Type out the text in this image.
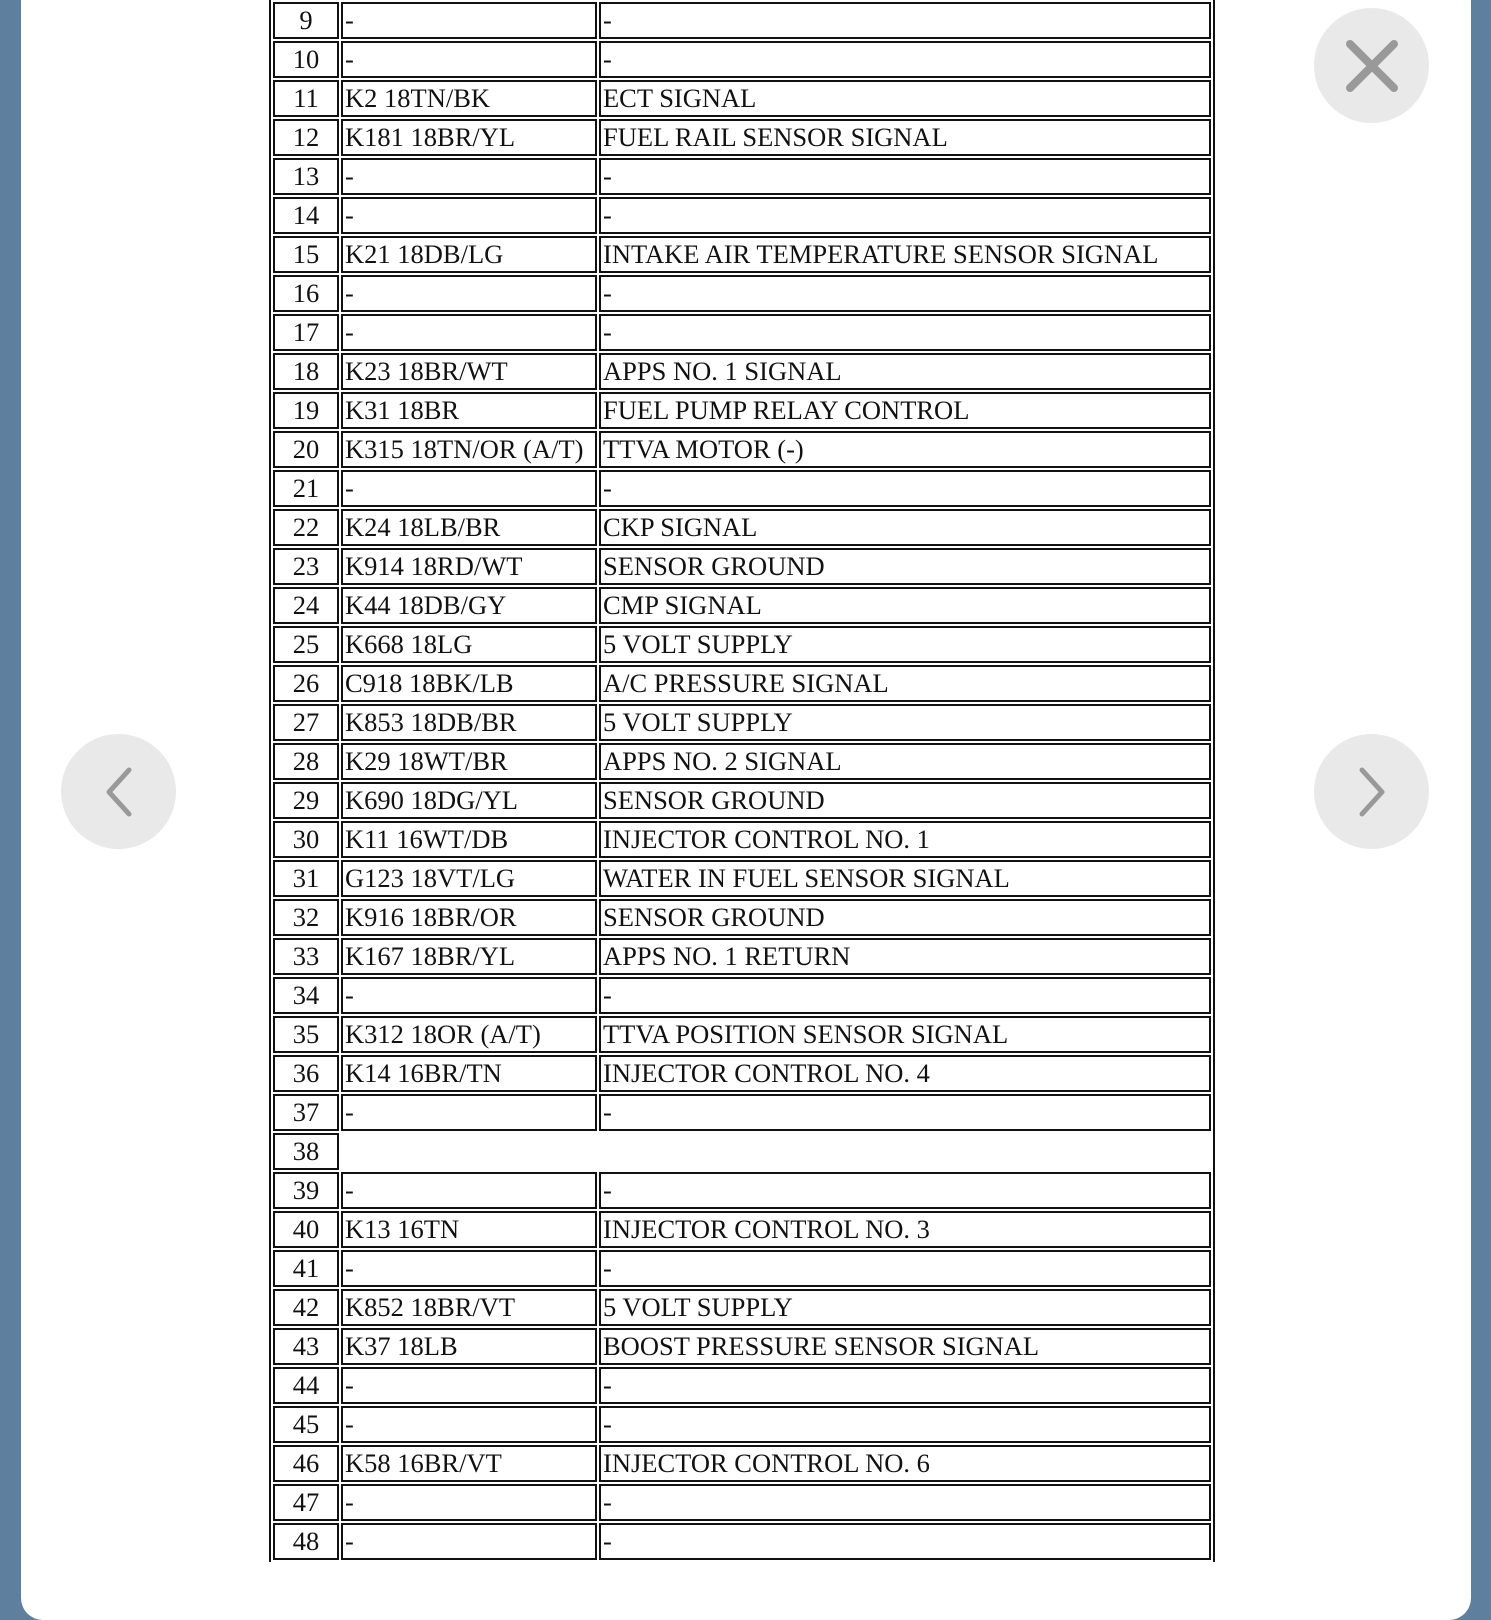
9	-	-
10	-	-
11	K2 18TN/BK	ECT SIGNAL
12	K181 18BR/YL	FUEL RAIL SENSOR SIGNAL
13	-	-
14	-	-
15	K21 18DB/LG	INTAKE AIR TEMPERATURE SENSOR SIGNAL
16	-	-
17	-	-
18	K23 18BR/WT	APPS NO. 1 SIGNAL
19	K31 18BR	FUEL PUMP RELAY CONTROL
20	K315 18TN/OR (A/T)	TTVA MOTOR (-)
21	-	-
22	K24 18LB/BR	CKP SIGNAL
23	K914 18RD/WT	SENSOR GROUND
24	K44 18DB/GY	CMP SIGNAL
25	K668 18LG	5 VOLT SUPPLY
26	C918 18BK/LB	A/C PRESSURE SIGNAL
27	K853 18DB/BR	5 VOLT SUPPLY
28	K29 18WT/BR	APPS NO. 2 SIGNAL
29	K690 18DG/YL	SENSOR GROUND
30	K11 16WT/DB	INJECTOR CONTROL NO. 1
31	G123 18VT/LG	WATER IN FUEL SENSOR SIGNAL
32	K916 18BR/OR	SENSOR GROUND
33	K167 18BR/YL	APPS NO. 1 RETURN
34	-	-
35	K312 18OR (A/T)	TTVA POSITION SENSOR SIGNAL
36	K14 16BR/TN	INJECTOR CONTROL NO. 4
37	-	-
38		
39	-	-
40	K13 16TN	INJECTOR CONTROL NO. 3
41	-	-
42	K852 18BR/VT	5 VOLT SUPPLY
43	K37 18LB	BOOST PRESSURE SENSOR SIGNAL
44	-	-
45	-	-
46	K58 16BR/VT	INJECTOR CONTROL NO. 6
47	-	-
48	-	-
